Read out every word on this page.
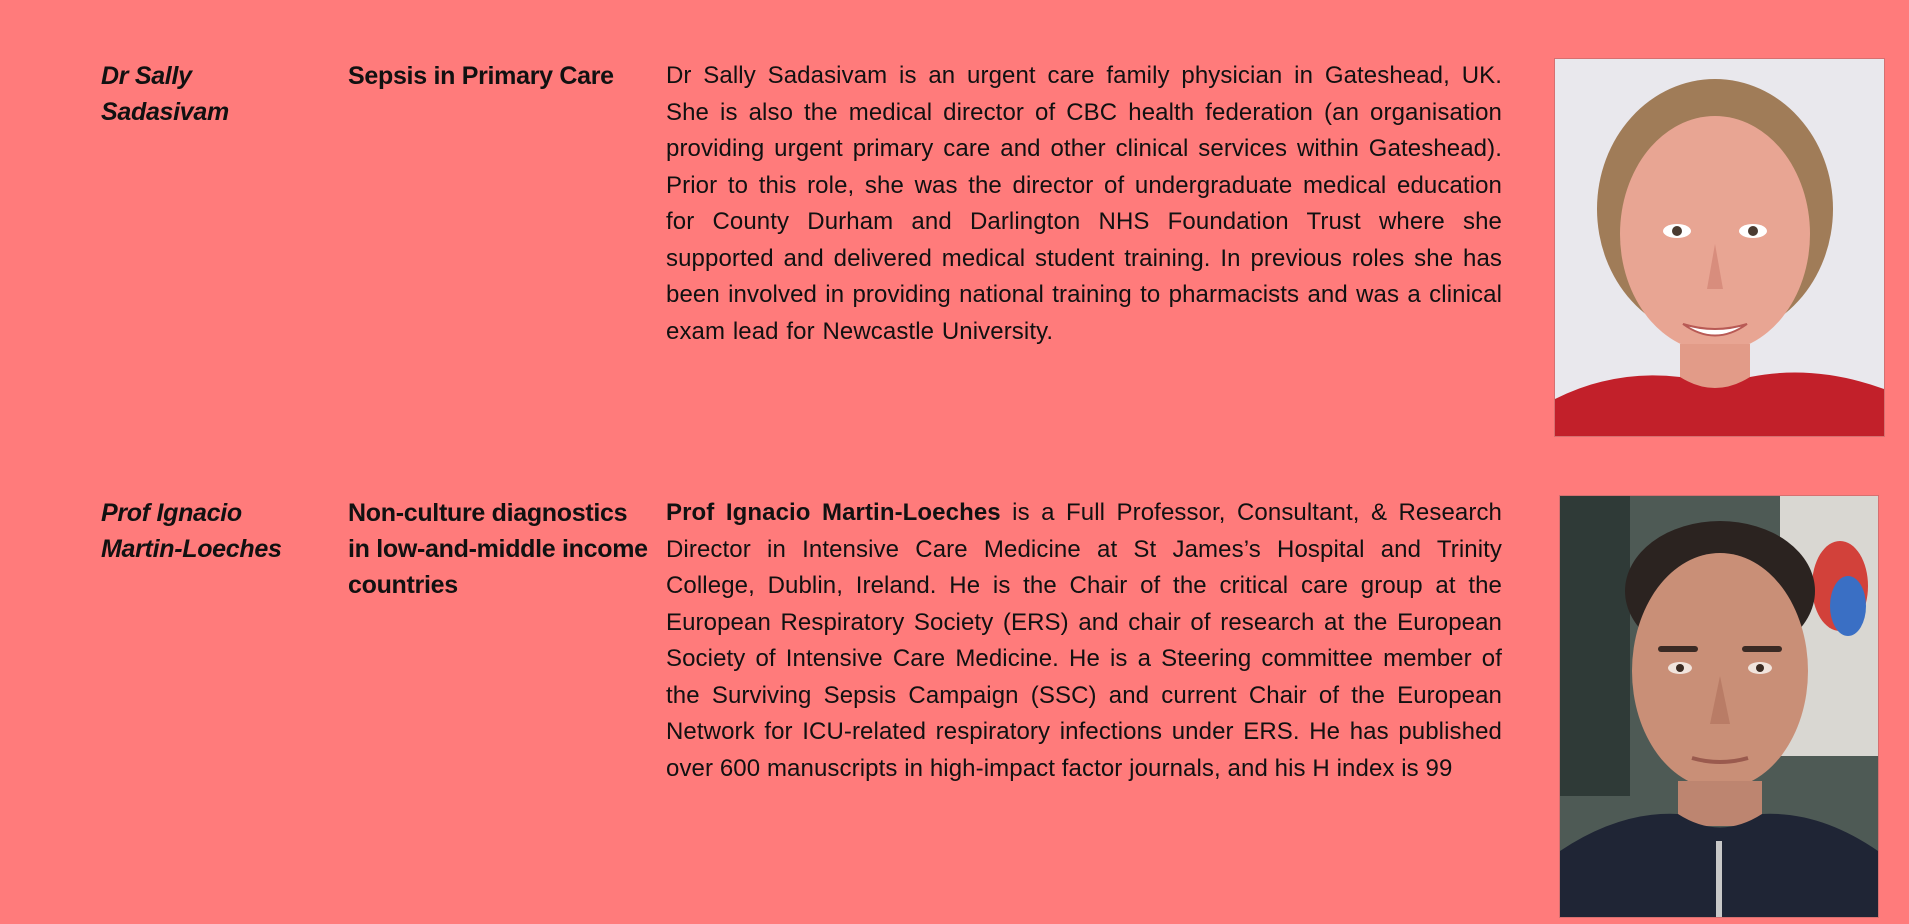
Dr Sally
Sadasivam
Sepsis in Primary Care	Dr Sally Sadasivam is an urgent care family physician in Gateshead, UK. She is also the medical director of CBC health federation (an organisation providing urgent primary care and other clinical services within Gateshead). Prior to this role, she was the director of undergraduate medical education for County Durham and Darlington NHS Foundation Trust where she supported and delivered medical student training. In previous roles she has been involved in providing national training to pharmacists and was a clinical exam lead for Newcastle University.
Prof Ignacio
Martin-Loeches
Non-culture diagnostics in low-and-middle income countries
Prof Ignacio Martin-Loeches is a Full Professor, Consultant, & Research Director in Intensive Care Medicine at St James’s Hospital and Trinity College, Dublin, Ireland. He is the Chair of the critical care group at the European Respiratory Society (ERS) and chair of research at the European Society of Intensive Care Medicine. He is a Steering committee member of the Surviving Sepsis Campaign (SSC) and current Chair of the European Network for ICU-related respiratory infections under ERS. He has published over 600 manuscripts in high-impact factor journals, and his H index is 99
